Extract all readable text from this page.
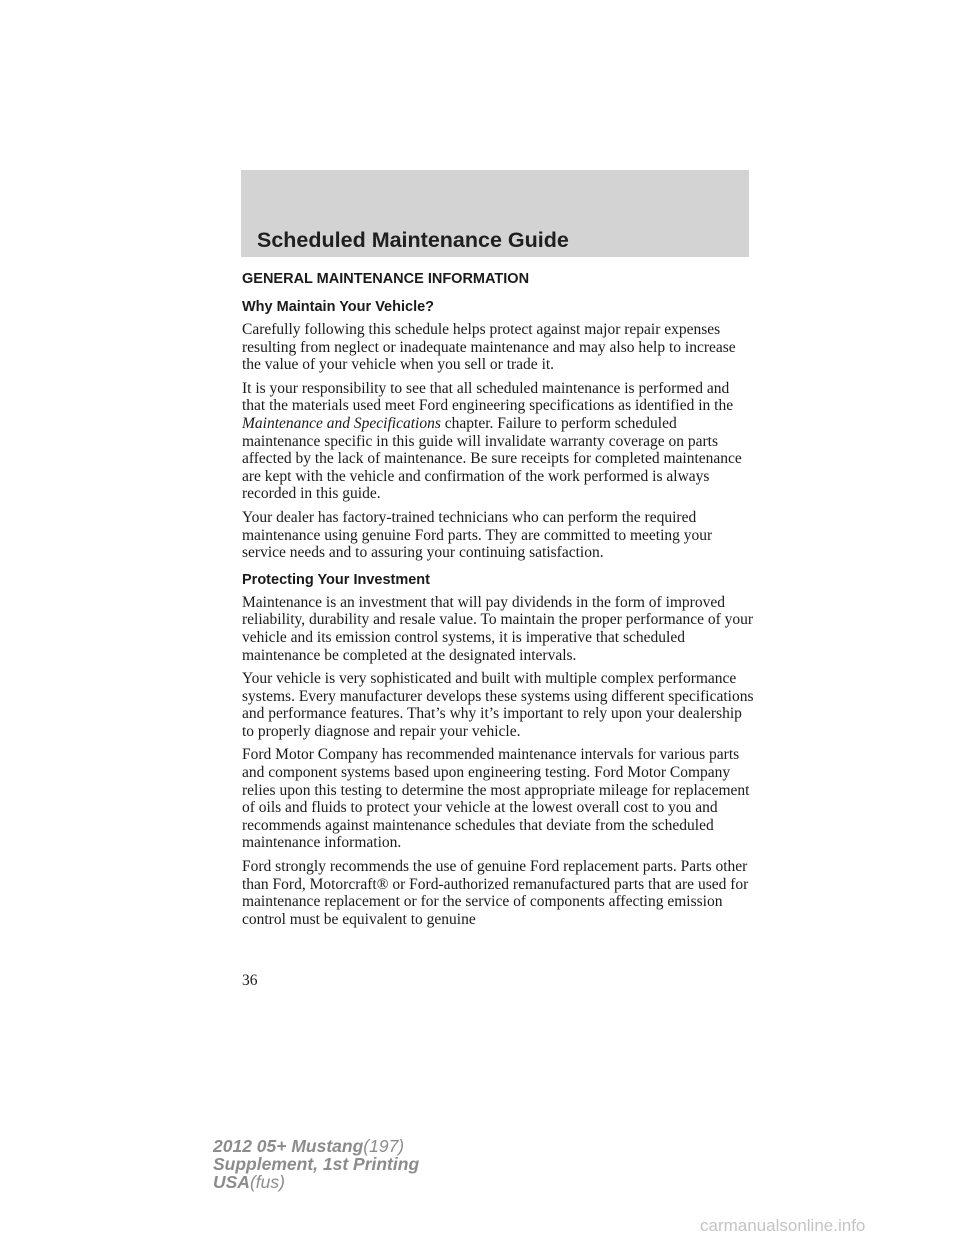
Scheduled Maintenance Guide
GENERAL MAINTENANCE INFORMATION
Why Maintain Your Vehicle?

Carefully following this schedule helps protect against major repair expenses resulting from neglect or inadequate maintenance and may also help to increase the value of your vehicle when you sell or trade it.

It is your responsibility to see that all scheduled maintenance is performed and that the materials used meet Ford engineering specifications as identified in the Maintenance and Specifications chapter. Failure to perform scheduled maintenance specific in this guide will invalidate warranty coverage on parts affected by the lack of maintenance. Be sure receipts for completed maintenance are kept with the vehicle and confirmation of the work performed is always recorded in this guide.

Your dealer has factory-trained technicians who can perform the required maintenance using genuine Ford parts. They are committed to meeting your service needs and to assuring your continuing satisfaction.

Protecting Your Investment

Maintenance is an investment that will pay dividends in the form of improved reliability, durability and resale value. To maintain the proper performance of your vehicle and its emission control systems, it is imperative that scheduled maintenance be completed at the designated intervals.

Your vehicle is very sophisticated and built with multiple complex performance systems. Every manufacturer develops these systems using different specifications and performance features. That’s why it’s important to rely upon your dealership to properly diagnose and repair your vehicle.

Ford Motor Company has recommended maintenance intervals for various parts and component systems based upon engineering testing. Ford Motor Company relies upon this testing to determine the most appropriate mileage for replacement of oils and fluids to protect your vehicle at the lowest overall cost to you and recommends against maintenance schedules that deviate from the scheduled maintenance information.

Ford strongly recommends the use of genuine Ford replacement parts. Parts other than Ford, Motorcraft® or Ford-authorized remanufactured parts that are used for maintenance replacement or for the service of components affecting emission control must be equivalent to genuine

36
2012 05+ Mustang(197)
Supplement, 1st Printing
USA(fus)
carmanualsonline.info
